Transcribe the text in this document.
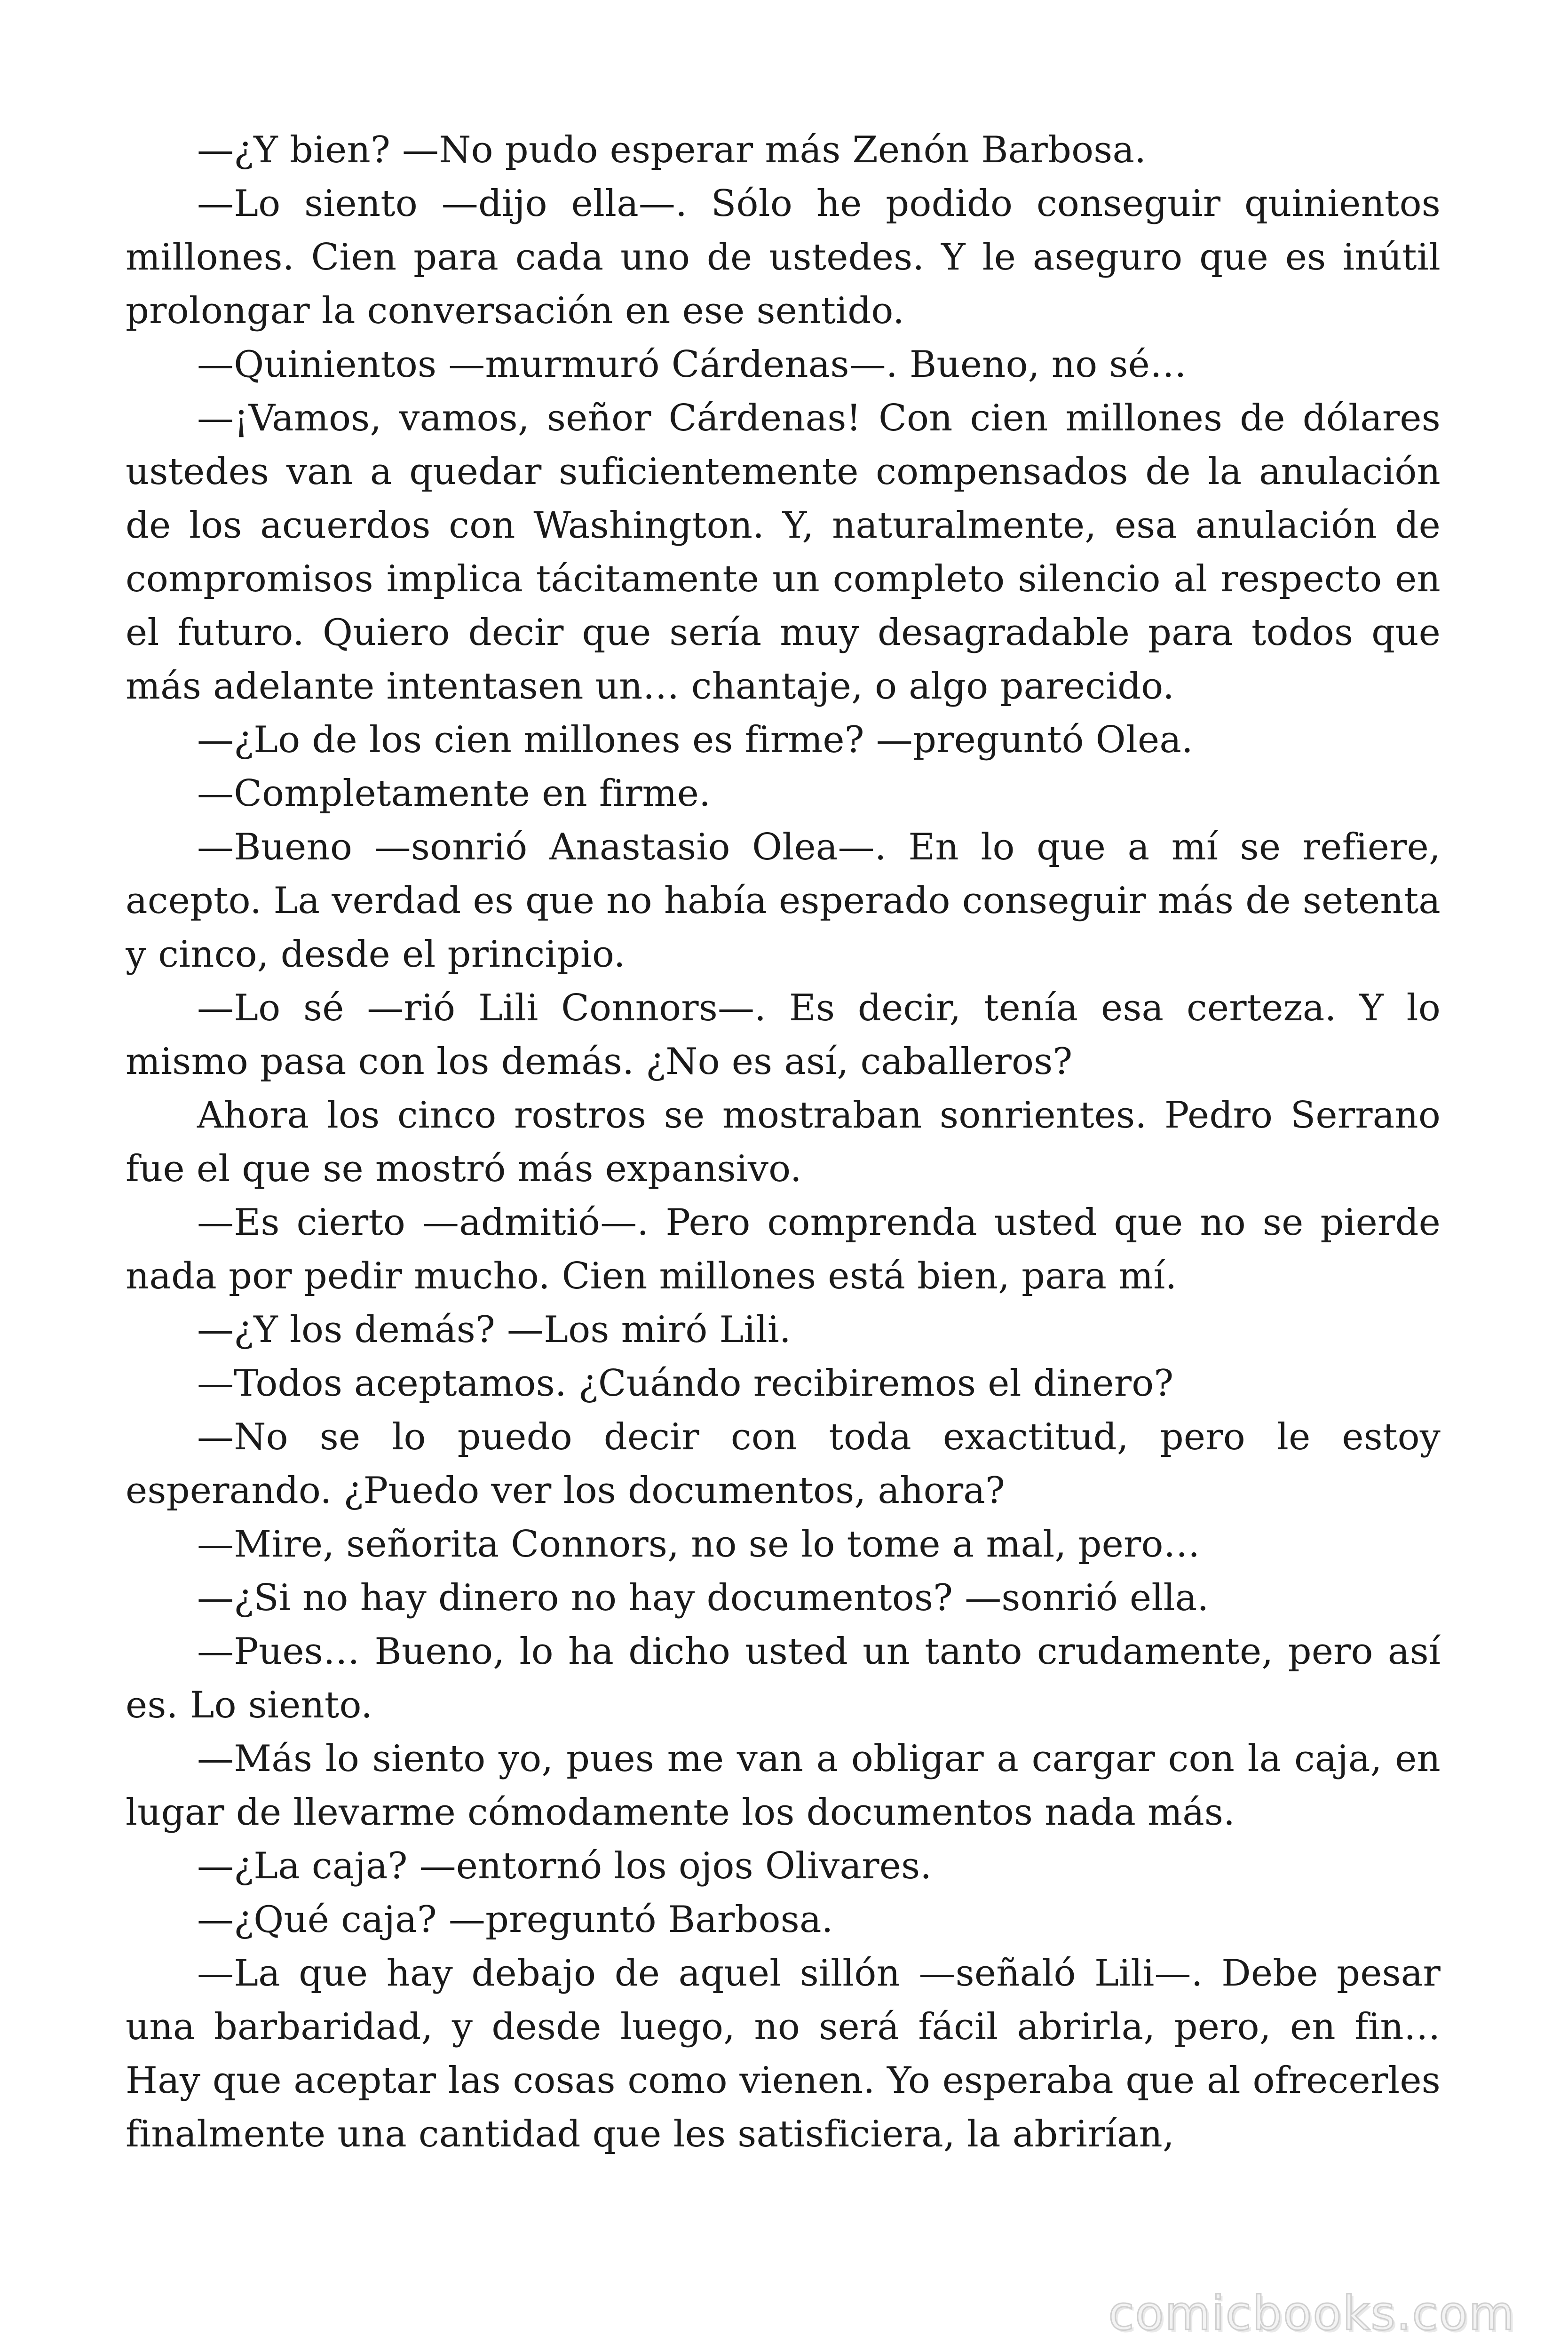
—¿Y bien? —No pudo esperar más Zenón Barbosa.

—Lo siento —dijo ella—. Sólo he podido conseguir quinientos millones. Cien para cada uno de ustedes. Y le aseguro que es inútil prolongar la conversación en ese sentido.

—Quinientos —murmuró Cárdenas—. Bueno, no sé…

—¡Vamos, vamos, señor Cárdenas! Con cien millones de dólares ustedes van a quedar suficientemente compensados de la anulación de los acuerdos con Washington. Y, naturalmente, esa anulación de compromisos implica tácitamente un completo silencio al respecto en el futuro. Quiero decir que sería muy desagradable para todos que más adelante intentasen un… chantaje, o algo parecido.

—¿Lo de los cien millones es firme? —preguntó Olea.

—Completamente en firme.

—Bueno —sonrió Anastasio Olea—. En lo que a mí se refiere, acepto. La verdad es que no había esperado conseguir más de setenta y cinco, desde el principio.

—Lo sé —rió Lili Connors—. Es decir, tenía esa certeza. Y lo mismo pasa con los demás. ¿No es así, caballeros?

Ahora los cinco rostros se mostraban sonrientes. Pedro Serrano fue el que se mostró más expansivo.

—Es cierto —admitió—. Pero comprenda usted que no se pierde nada por pedir mucho. Cien millones está bien, para mí.

—¿Y los demás? —Los miró Lili.

—Todos aceptamos. ¿Cuándo recibiremos el dinero?

—No se lo puedo decir con toda exactitud, pero le estoy esperando. ¿Puedo ver los documentos, ahora?

—Mire, señorita Connors, no se lo tome a mal, pero…

—¿Si no hay dinero no hay documentos? —sonrió ella.

—Pues… Bueno, lo ha dicho usted un tanto crudamente, pero así es. Lo siento.

—Más lo siento yo, pues me van a obligar a cargar con la caja, en lugar de llevarme cómodamente los documentos nada más.

—¿La caja? —entornó los ojos Olivares.

—¿Qué caja? —preguntó Barbosa.

—La que hay debajo de aquel sillón —señaló Lili—. Debe pesar una barbaridad, y desde luego, no será fácil abrirla, pero, en fin… Hay que aceptar las cosas como vienen. Yo esperaba que al ofrecerles finalmente una cantidad que les satisficiera, la abrirían,

comicbooks.com
